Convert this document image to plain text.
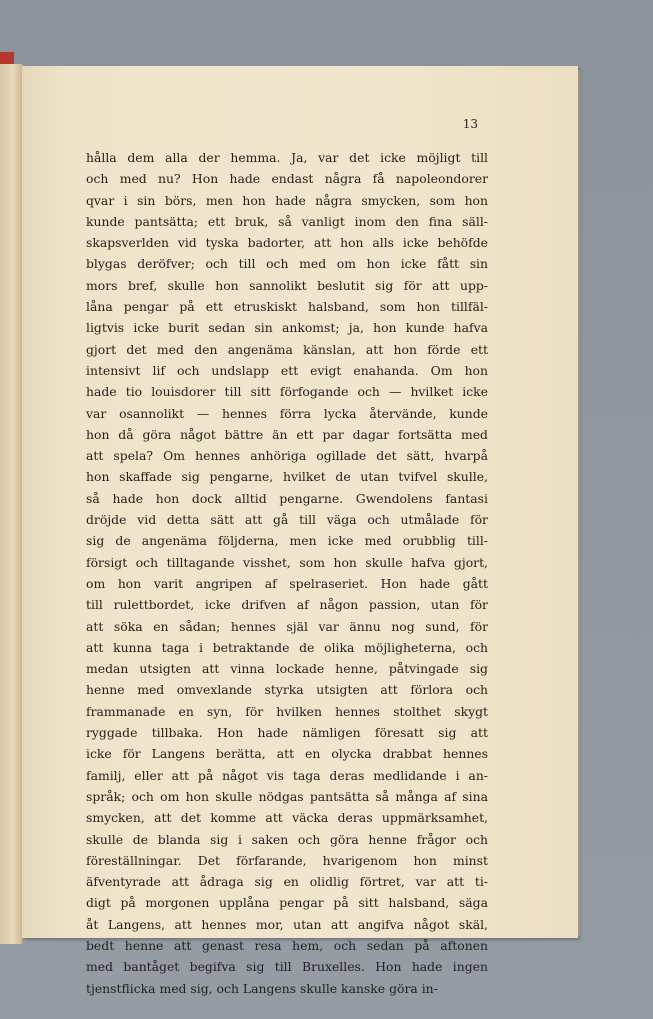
13
hålla dem alla der hemma. Ja, var det icke möjligt till
och med nu? Hon hade endast några få napoleondorer
qvar i sin börs, men hon hade några smycken, som hon
kunde pantsätta; ett bruk, så vanligt inom den fina säll-
skapsverlden vid tyska badorter, att hon alls icke behöfde
blygas deröfver; och till och med om hon icke fått sin
mors bref, skulle hon sannolikt beslutit sig för att upp-
låna pengar på ett etruskiskt halsband, som hon tillfäl-
ligtvis icke burit sedan sin ankomst; ja, hon kunde hafva
gjort det med den angenäma känslan, att hon förde ett
intensivt lif och undslapp ett evigt enahanda. Om hon
hade tio louisdorer till sitt förfogande och — hvilket icke
var osannolikt — hennes förra lycka återvände, kunde
hon då göra något bättre än ett par dagar fortsätta med
att spela? Om hennes anhöriga ogillade det sätt, hvarpå
hon skaffade sig pengarne, hvilket de utan tvifvel skulle,
så hade hon dock alltid pengarne. Gwendolens fantasi
dröjde vid detta sätt att gå till väga och utmålade för
sig de angenäma följderna, men icke med orubblig till-
försigt och tilltagande visshet, som hon skulle hafva gjort,
om hon varit angripen af spelraseriet. Hon hade gått
till rulettbordet, icke drifven af någon passion, utan för
att söka en sådan; hennes själ var ännu nog sund, för
att kunna taga i betraktande de olika möjligheterna, och
medan utsigten att vinna lockade henne, påtvingade sig
henne med omvexlande styrka utsigten att förlora och
frammanade en syn, för hvilken hennes stolthet skygt
ryggade tillbaka. Hon hade nämligen föresatt sig att
icke för Langens berätta, att en olycka drabbat hennes
familj, eller att på något vis taga deras medlidande i an-
språk; och om hon skulle nödgas pantsätta så många af sina
smycken, att det komme att väcka deras uppmärksamhet,
skulle de blanda sig i saken och göra henne frågor och
föreställningar. Det förfarande, hvarigenom hon minst
äfventyrade att ådraga sig en olidlig förtret, var att ti-
digt på morgonen upplåna pengar på sitt halsband, säga
åt Langens, att hennes mor, utan att angifva något skäl,
bedt henne att genast resa hem, och sedan på aftonen
med bantåget begifva sig till Bruxelles. Hon hade ingen
tjenstflicka med sig, och Langens skulle kanske göra in-
